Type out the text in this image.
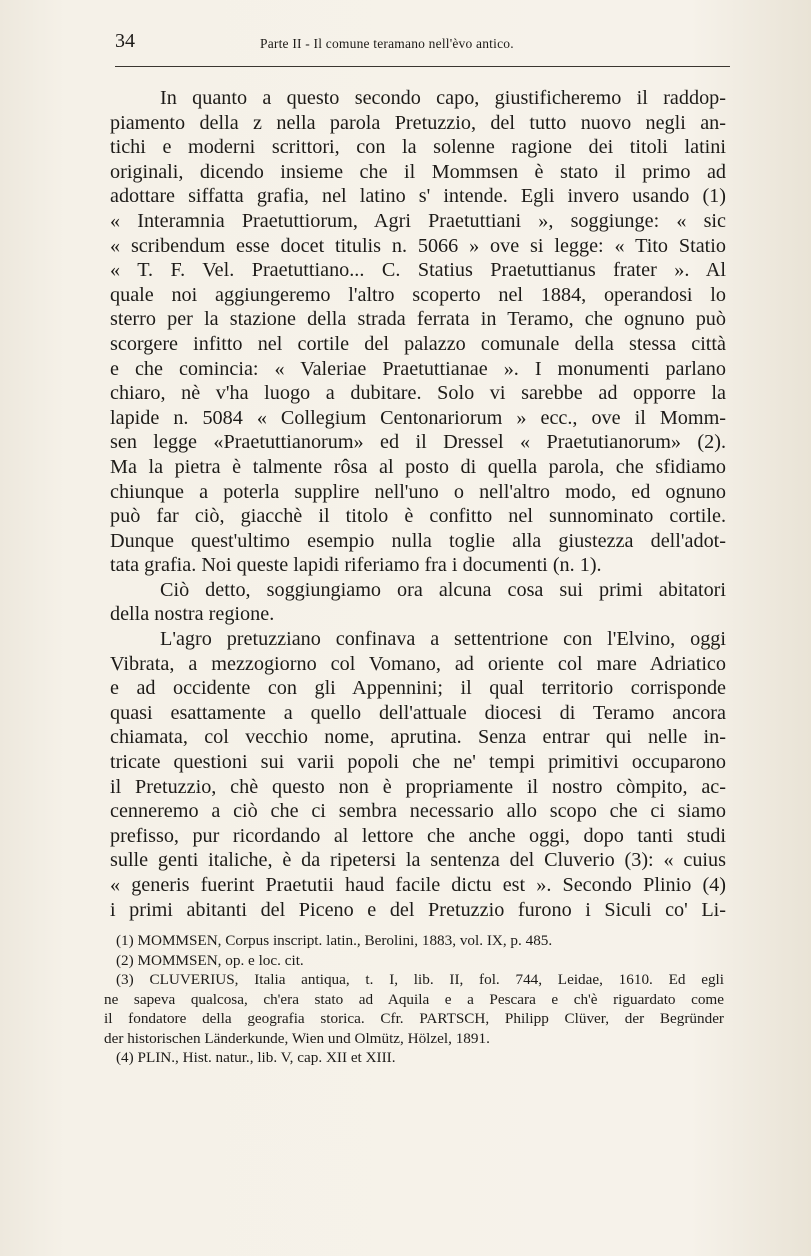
34	Parte II - Il comune teramano nell'èvo antico.
In quanto a questo secondo capo, giustificheremo il raddop-
piamento della z nella parola Pretuzzio, del tutto nuovo negli an-
tichi e moderni scrittori, con la solenne ragione dei titoli latini
originali, dicendo insieme che il Mommsen è stato il primo ad
adottare siffatta grafia, nel latino s' intende. Egli invero usando (1)
« Interamnia Praetuttiorum, Agri Praetuttiani », soggiunge: « sic
« scribendum esse docet titulis n. 5066 » ove si legge: « Tito Statio
« T. F. Vel. Praetuttiano... C. Statius Praetuttianus frater ». Al
quale noi aggiungeremo l'altro scoperto nel 1884, operandosi lo
sterro per la stazione della strada ferrata in Teramo, che ognuno può
scorgere infitto nel cortile del palazzo comunale della stessa città
e che comincia: « Valeriae Praetuttianae ». I monumenti parlano
chiaro, nè v'ha luogo a dubitare. Solo vi sarebbe ad opporre la
lapide n. 5084 « Collegium Centonariorum » ecc., ove il Momm-
sen legge «Praetuttianorum» ed il Dressel « Praetutianorum» (2).
Ma la pietra è talmente rôsa al posto di quella parola, che sfidiamo
chiunque a poterla supplire nell'uno o nell'altro modo, ed ognuno
può far ciò, giacchè il titolo è confitto nel sunnominato cortile.
Dunque quest'ultimo esempio nulla toglie alla giustezza dell'adot-
tata grafia. Noi queste lapidi riferiamo fra i documenti (n. 1).
Ciò detto, soggiungiamo ora alcuna cosa sui primi abitatori
della nostra regione.
L'agro pretuzziano confinava a settentrione con l'Elvino, oggi
Vibrata, a mezzogiorno col Vomano, ad oriente col mare Adriatico
e ad occidente con gli Appennini; il qual territorio corrisponde
quasi esattamente a quello dell'attuale diocesi di Teramo ancora
chiamata, col vecchio nome, aprutina. Senza entrar qui nelle in-
tricate questioni sui varii popoli che ne' tempi primitivi occuparono
il Pretuzzio, chè questo non è propriamente il nostro còmpito, ac-
cenneremo a ciò che ci sembra necessario allo scopo che ci siamo
prefisso, pur ricordando al lettore che anche oggi, dopo tanti studi
sulle genti italiche, è da ripetersi la sentenza del Cluverio (3): « cuius
« generis fuerint Praetutii haud facile dictu est ». Secondo Plinio (4)
i primi abitanti del Piceno e del Pretuzzio furono i Siculi co' Li-
(1) MOMMSEN, Corpus inscript. latin., Berolini, 1883, vol. IX, p. 485.
(2) MOMMSEN, op. e loc. cit.
(3) CLUVERIUS, Italia antiqua, t. I, lib. II, fol. 744, Leidae, 1610. Ed egli
ne sapeva qualcosa, ch'era stato ad Aquila e a Pescara e ch'è riguardato come
il fondatore della geografia storica. Cfr. PARTSCH, Philipp Clüver, der Begründer
der historischen Länderkunde, Wien und Olmütz, Hölzel, 1891.
(4) PLIN., Hist. natur., lib. V, cap. XII et XIII.
